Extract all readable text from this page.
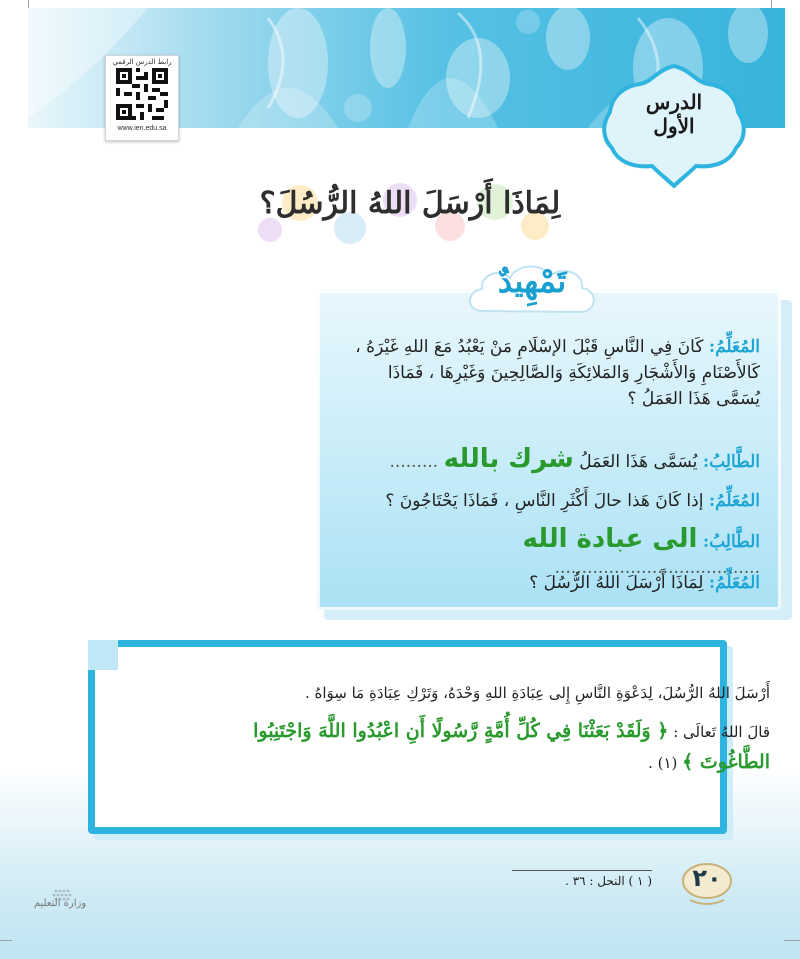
رابط الدرس الرقمي
www.ien.edu.sa
الدرس
الأول
لِمَاذَا أَرْسَلَ اللهُ الرُّسُلَ؟
تَمْهِيدٌ
المُعَلِّمُ: كَانَ فِي النَّاسِ قَبْلَ الإسْلَامِ مَنْ يَعْبُدُ مَعَ اللهِ غَيْرَهُ ، كَالأَصْنَامِ وَالأَشْجَارِ وَالمَلائِكَةِ وَالصَّالِحِينَ وَغَيْرِهَا ، فَمَاذَا يُسَمَّى هَذَا العَمَلُ ؟
الطَّالِبُ: يُسَمَّى هَذَا العَمَلُ شرك بالله .........
المُعَلِّمُ: إذا كَانَ هَذا حالَ أَكْثَرِ النَّاسِ ، فَمَاذَا يَحْتَاجُونَ ؟
الطَّالِبُ: الى عبادة الله ......................................
المُعَلِّمُ: لِمَاذَا أَرْسَلَ اللهُ الرُّسُلَ ؟
أَرْسَلَ اللهُ الرُّسُلَ، لِدَعْوَةِ النَّاسِ إِلى عِبَادَةِ اللهِ وَحْدَهُ، وَتَرْكِ عِبَادَةِ مَا سِوَاهُ .
قالَ اللهُ تَعالَى : ﴿ وَلَقَدْ بَعَثْنَا فِي كُلِّ أُمَّةٍ رَّسُولًا أَنِ اعْبُدُوا اللَّهَ وَاجْتَنِبُوا الطَّاغُوتَ ﴾ (١) .
( ١ ) النحل : ٣٦ .	٢٠
وزارة التعليم
